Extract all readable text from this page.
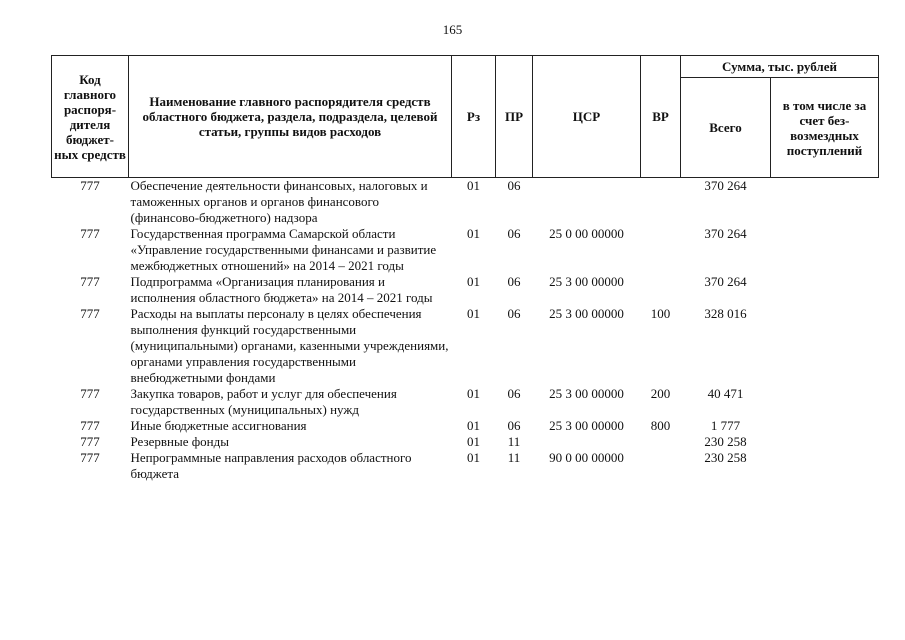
165
Код главного распоря-дителя бюджет-ных средств	Наименование главного распорядителя средств областного бюджета, раздела, подраздела, целевой статьи, группы видов расходов	Рз	ПР	ЦСР	ВР	Сумма, тыс. рублей	
						Всего	в том числе за счет без-возмездных поступлений
777	Обеспечение деятельности финансовых, налоговых и таможенных органов и органов финансового (финансово-бюджетного) надзора	01	06			370 264	
777	Государственная программа Самарской области «Управление государственными финансами и развитие межбюджетных отношений» на 2014 – 2021 годы	01	06	25 0 00 00000		370 264	
777	Подпрограмма «Организация планирования и исполнения областного бюджета» на 2014 – 2021 годы	01	06	25 3 00 00000		370 264	
777	Расходы на выплаты персоналу в целях обеспечения выполнения функций государственными (муниципальными) органами, казенными учреждениями, органами управления государственными внебюджетными фондами	01	06	25 3 00 00000	100	328 016	
777	Закупка товаров, работ и услуг для обеспечения государственных (муниципальных) нужд	01	06	25 3 00 00000	200	40 471	
777	Иные бюджетные ассигнования	01	06	25 3 00 00000	800	1 777	
777	Резервные фонды	01	11			230 258	
777	Непрограммные направления расходов областного бюджета	01	11	90 0 00 00000		230 258	
